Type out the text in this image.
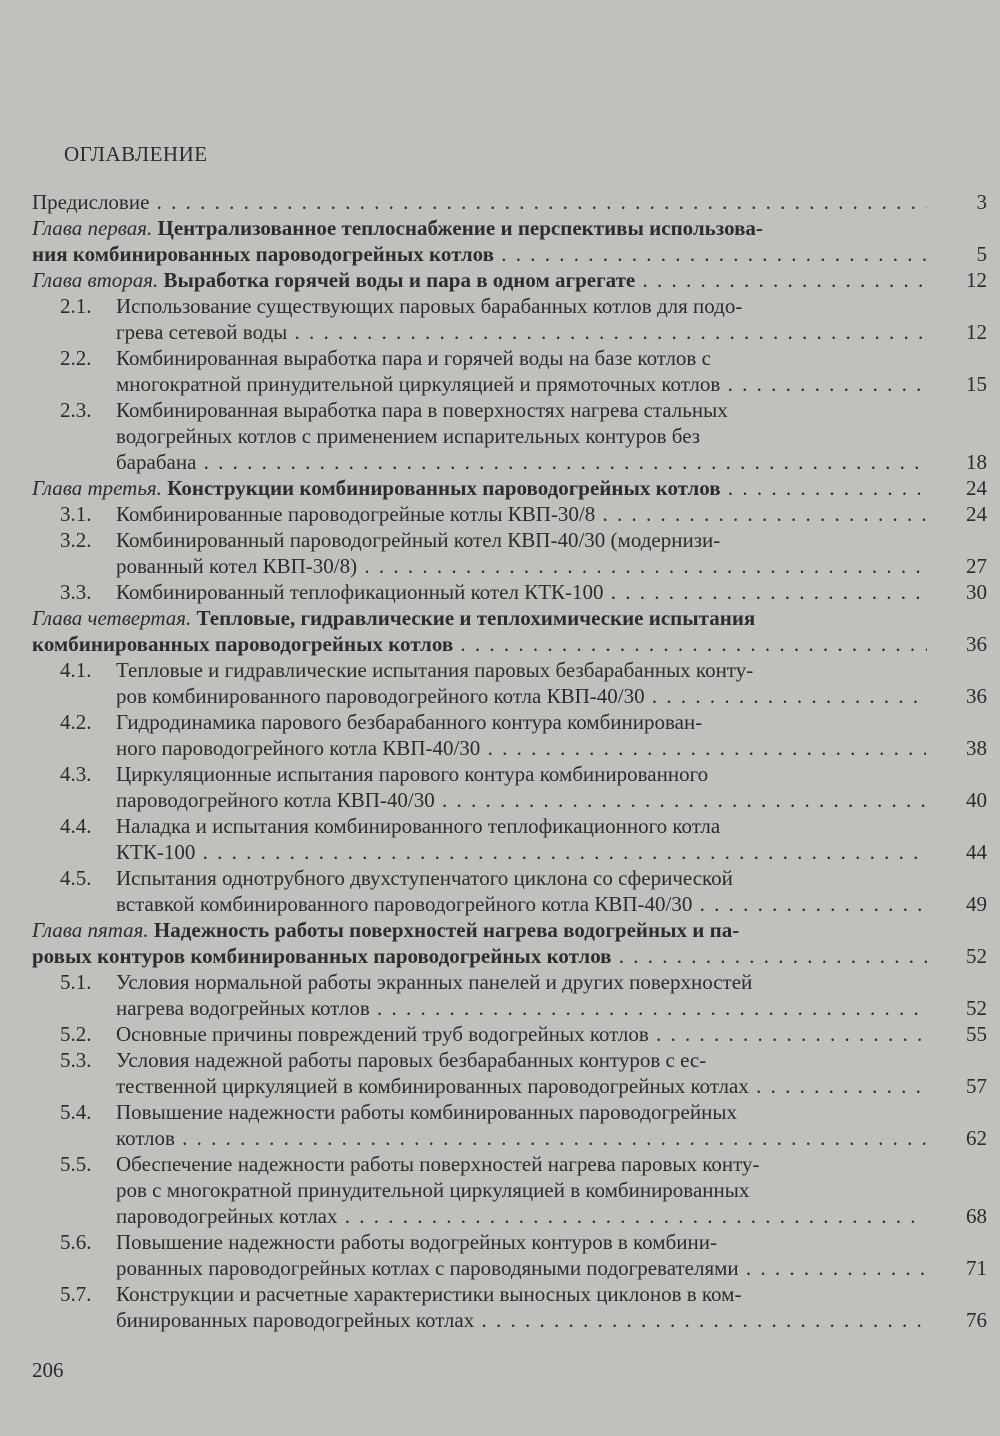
ОГЛАВЛЕНИЕ
Предисловие . . .	3
Глава первая. Централизованное теплоснабжение и перспективы использова-
ния комбинированных пароводогрейных котлов . . .	5
Глава вторая. Выработка горячей воды и пара в одном агрегате . . .	12
2.1.	Использование существующих паровых барабанных котлов для подо-
грева сетевой воды . . .	12
2.2.	Комбинированная выработка пара и горячей воды на базе котлов с
многократной принудительной циркуляцией и прямоточных котлов . . .	15
2.3.	Комбинированная выработка пара в поверхностях нагрева стальных
водогрейных котлов с применением испарительных контуров без
барабана . . .	18
Глава третья. Конструкции комбинированных пароводогрейных котлов . . .	24
3.1.	Комбинированные пароводогрейные котлы КВП-30/8 . . .	24
3.2.	Комбинированный пароводогрейный котел КВП-40/30 (модернизи-
рованный котел КВП-30/8) . . .	27
3.3.	Комбинированный теплофикационный котел КТК-100 . . .	30
Глава четвертая. Тепловые, гидравлические и теплохимические испытания
комбинированных пароводогрейных котлов . . .	36
4.1.	Тепловые и гидравлические испытания паровых безбарабанных конту-
ров комбинированного пароводогрейного котла КВП-40/30 . . .	36
4.2.	Гидродинамика парового безбарабанного контура комбинирован-
ного пароводогрейного котла КВП-40/30 . . .	38
4.3.	Циркуляционные испытания парового контура комбинированного
пароводогрейного котла КВП-40/30 . . .	40
4.4.	Наладка и испытания комбинированного теплофикационного котла
КТК-100 . . .	44
4.5.	Испытания однотрубного двухступенчатого циклона со сферической
вставкой комбинированного пароводогрейного котла КВП-40/30 . . .	49
Глава пятая. Надежность работы поверхностей нагрева водогрейных и па-
ровых контуров комбинированных пароводогрейных котлов . . .	52
5.1.	Условия нормальной работы экранных панелей и других поверхностей
нагрева водогрейных котлов . . .	52
5.2.	Основные причины повреждений труб водогрейных котлов . . .	55
5.3.	Условия надежной работы паровых безбарабанных контуров с ес-
тественной циркуляцией в комбинированных пароводогрейных котлах . . .	57
5.4.	Повышение надежности работы комбинированных пароводогрейных
котлов . . .	62
5.5.	Обеспечение надежности работы поверхностей нагрева паровых конту-
ров с многократной принудительной циркуляцией в комбинированных
пароводогрейных котлах . . .	68
5.6.	Повышение надежности работы водогрейных контуров в комбини-
рованных пароводогрейных котлах с пароводяными подогревателями . . .	71
5.7.	Конструкции и расчетные характеристики выносных циклонов в ком-
бинированных пароводогрейных котлах . . .	76
206
